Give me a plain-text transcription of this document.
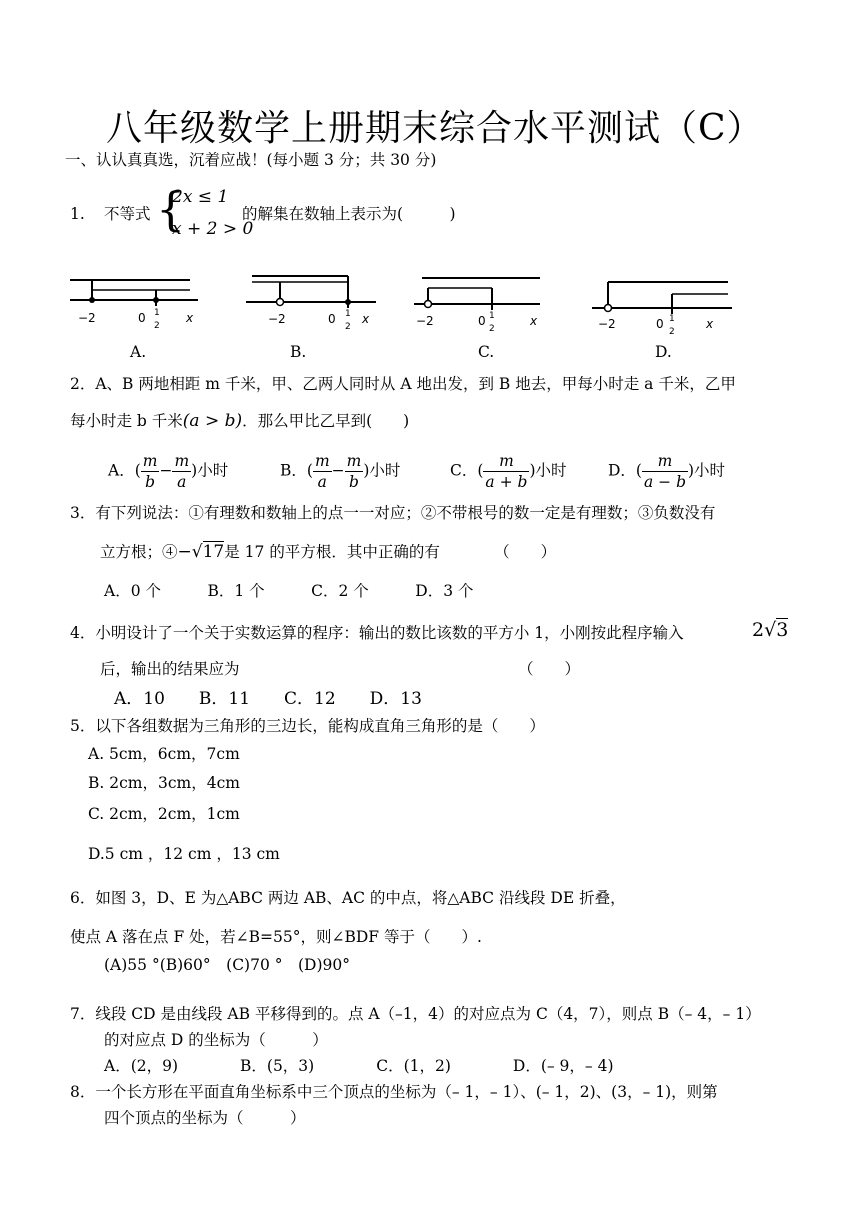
八年级数学上册期末综合水平测试（C）
一、认认真真选，沉着应战！(每小题 3 分；共 30 分)
1. 不等式 {
2x ≤ 1
x + 2 > 0
的解集在数轴上表示为(　　　)
−2	0 1
2
x	−2	0 1
2
x	−2	0 1
2
x	−2	0 1
2
x
A.	B.	C.	D.
2．A、B 两地相距 m 千米，甲、乙两人同时从 A 地出发，到 B 地去，甲每小时走 a 千米，乙甲
每小时走 b 千米(a > b)．那么甲比乙早到(　　)
A．( $\frac{m}{b} - \frac{m}{a}$ )小时	B．( $\frac{m}{a} - \frac{m}{b}$ )小时	C．( $\frac{m}{a + b}$ )小时	D．( $\frac{m}{a - b}$ )小时
3．有下列说法：①有理数和数轴上的点一一对应；②不带根号的数一定是有理数；③负数没有
立方根；④−√17是 17 的平方根．其中正确的有　　　　（　　）
A．0 个　　　B．1 个　　　C．2 个　　　D．3 个
4．小明设计了一个关于实数运算的程序：输出的数比该数的平方小 1，小刚按此程序输入	2√3
后，输出的结果应为	（　　）
A．10　　B．11　　C．12　　D．13
5．以下各组数据为三角形的三边长，能构成直角三角形的是（　　）
A. 5cm，6cm，7cm
B. 2cm，3cm，4cm
C. 2cm，2cm，1cm
D.5 cm ，12 cm ，13 cm
6．如图 3，D、E 为△ABC 两边 AB、AC 的中点，将△ABC 沿线段 DE 折叠，
使点 A 落在点 F 处，若∠B=55°，则∠BDF 等于（　　）.
(A)55 °(B)60°　(C)70 °　(D)90°
7．线段 CD 是由线段 AB 平移得到的。点 A（–1，4）的对应点为 C（4，7），则点 B（– 4，– 1）
的对应点 D 的坐标为（　　　）
A．(2，9)　　　　B．(5，3)　　　　C．(1，2)　　　　D．(– 9，– 4)
8．一个长方形在平面直角坐标系中三个顶点的坐标为（– 1，– 1）、(– 1，2)、(3，– 1)，则第
四个顶点的坐标为（　　　）
